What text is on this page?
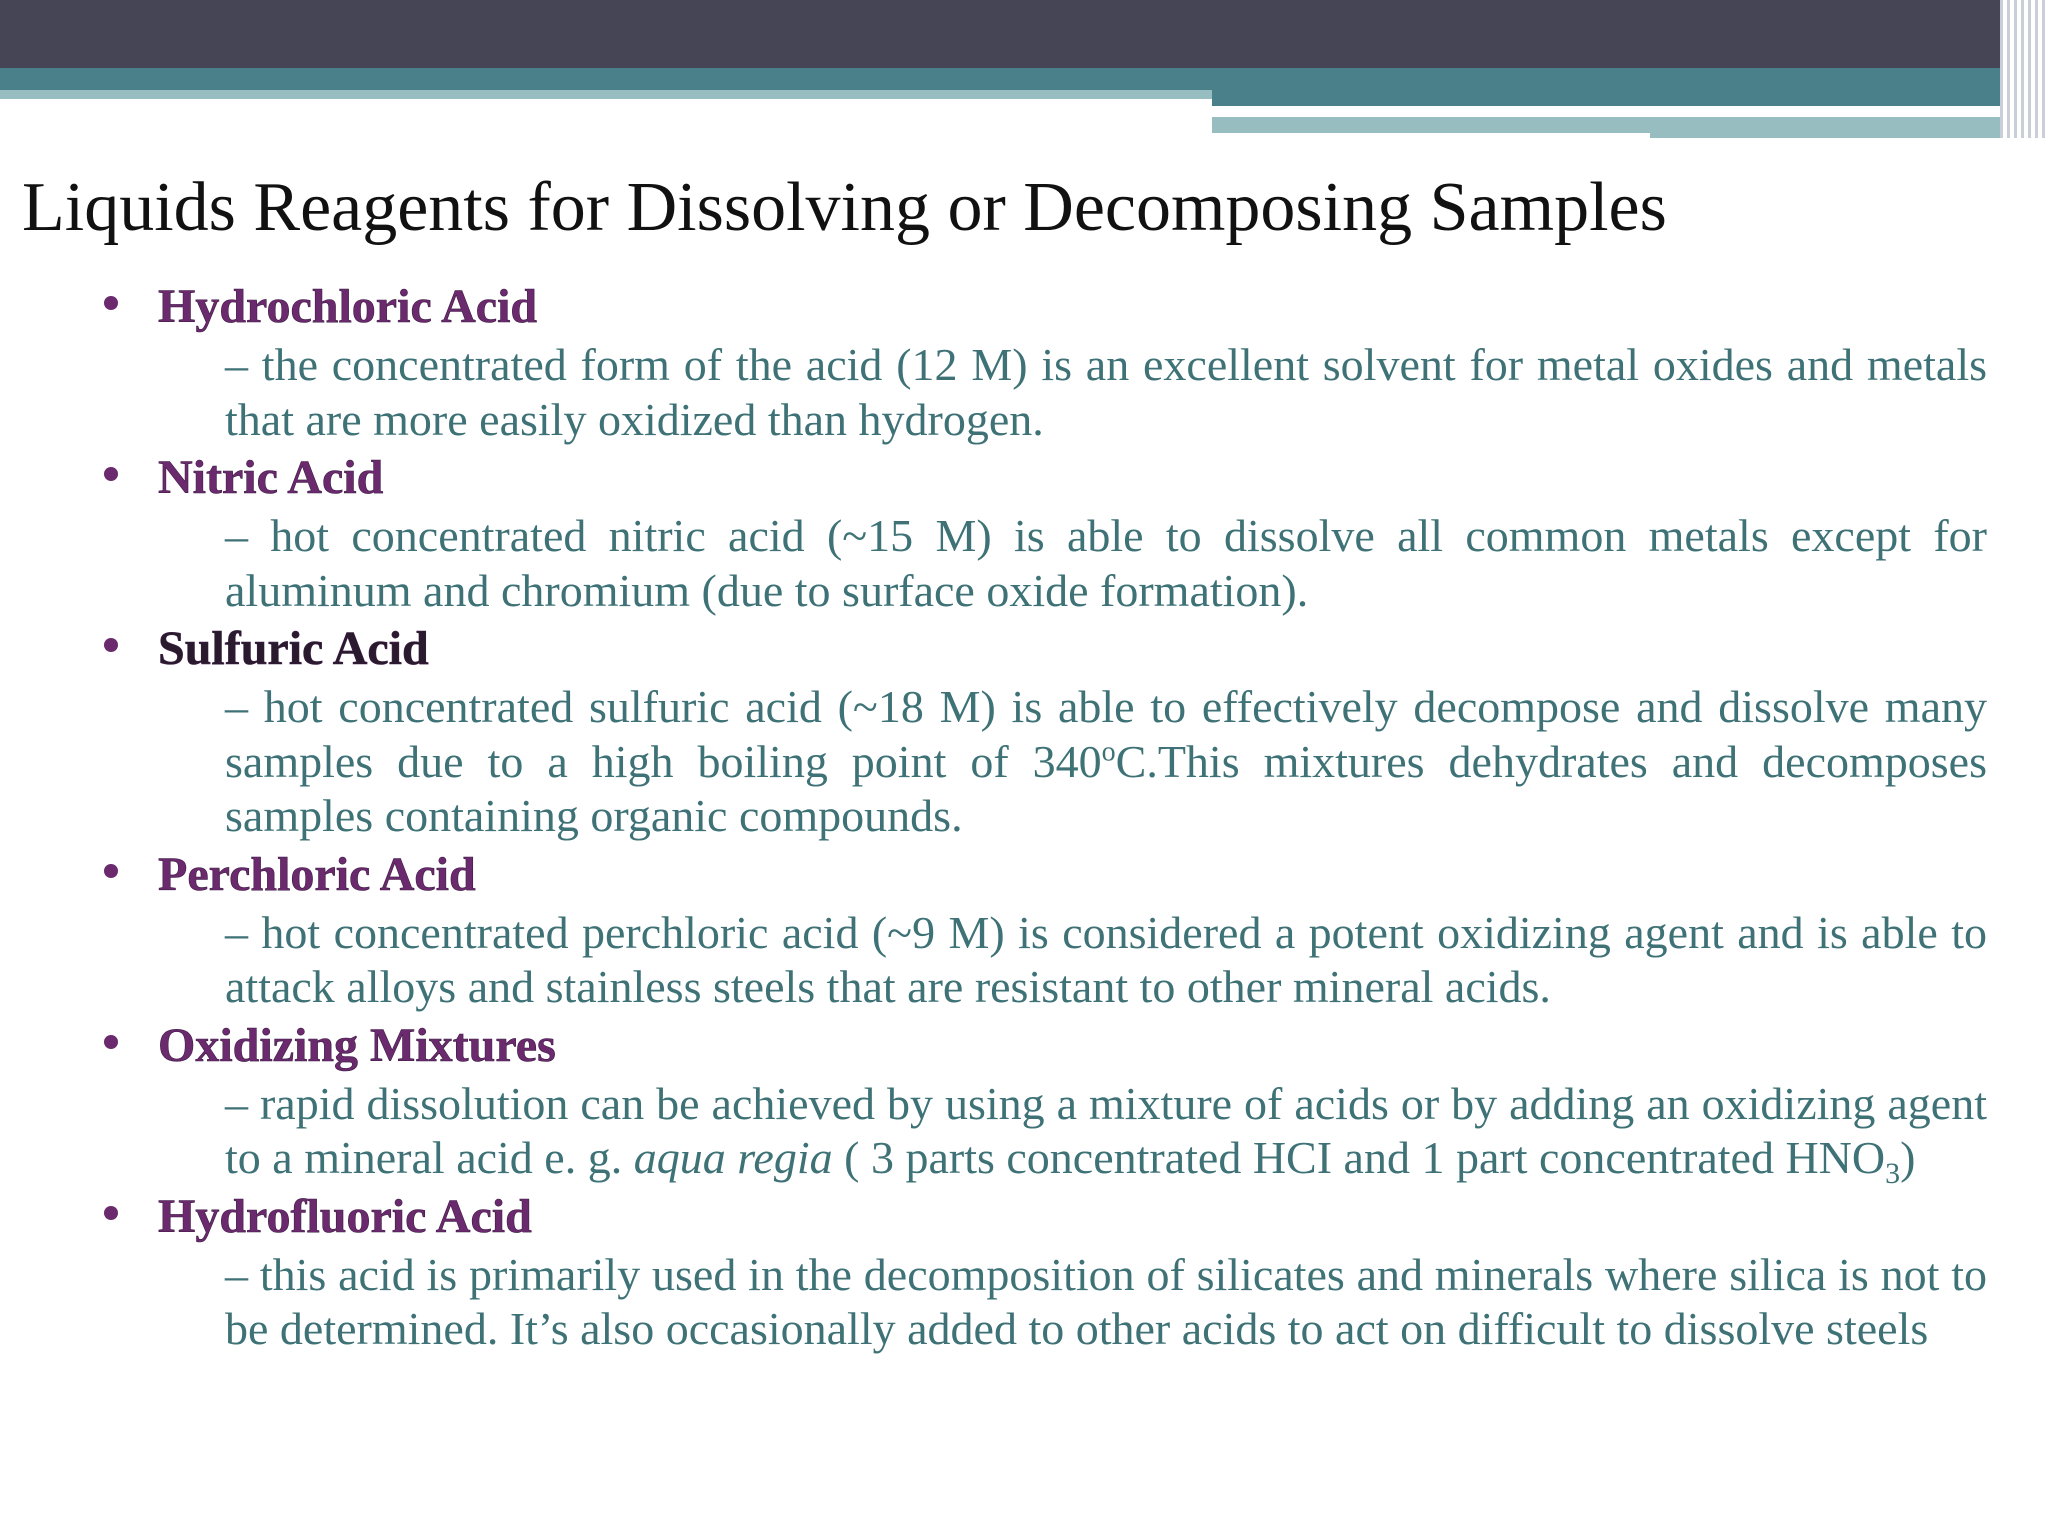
Liquids Reagents for Dissolving or Decomposing Samples
Hydrochloric Acid
– the concentrated form of the acid (12 M) is an excellent solvent for metal oxides and metals that are more easily oxidized than hydrogen.
Nitric Acid
– hot concentrated nitric acid (~15 M) is able to dissolve all common metals except for aluminum and chromium (due to surface oxide formation).
Sulfuric Acid
– hot concentrated sulfuric acid (~18 M) is able to effectively decompose and dissolve many samples due to a high boiling point of 340$^o$C.This mixtures dehydrates and decomposes samples containing organic compounds.
Perchloric Acid
– hot concentrated perchloric acid (~9 M) is considered a potent oxidizing agent and is able to attack alloys and stainless steels that are resistant to other mineral acids.
Oxidizing Mixtures
– rapid dissolution can be achieved by using a mixture of acids or by adding an oxidizing agent to a mineral acid e. g. aqua regia ( 3 parts concentrated HCI and 1 part concentrated $HNO_3$)
Hydrofluoric Acid
– this acid is primarily used in the decomposition of silicates and minerals where silica is not to be determined. It’s also occasionally added to other acids to act on difficult to dissolve steels
